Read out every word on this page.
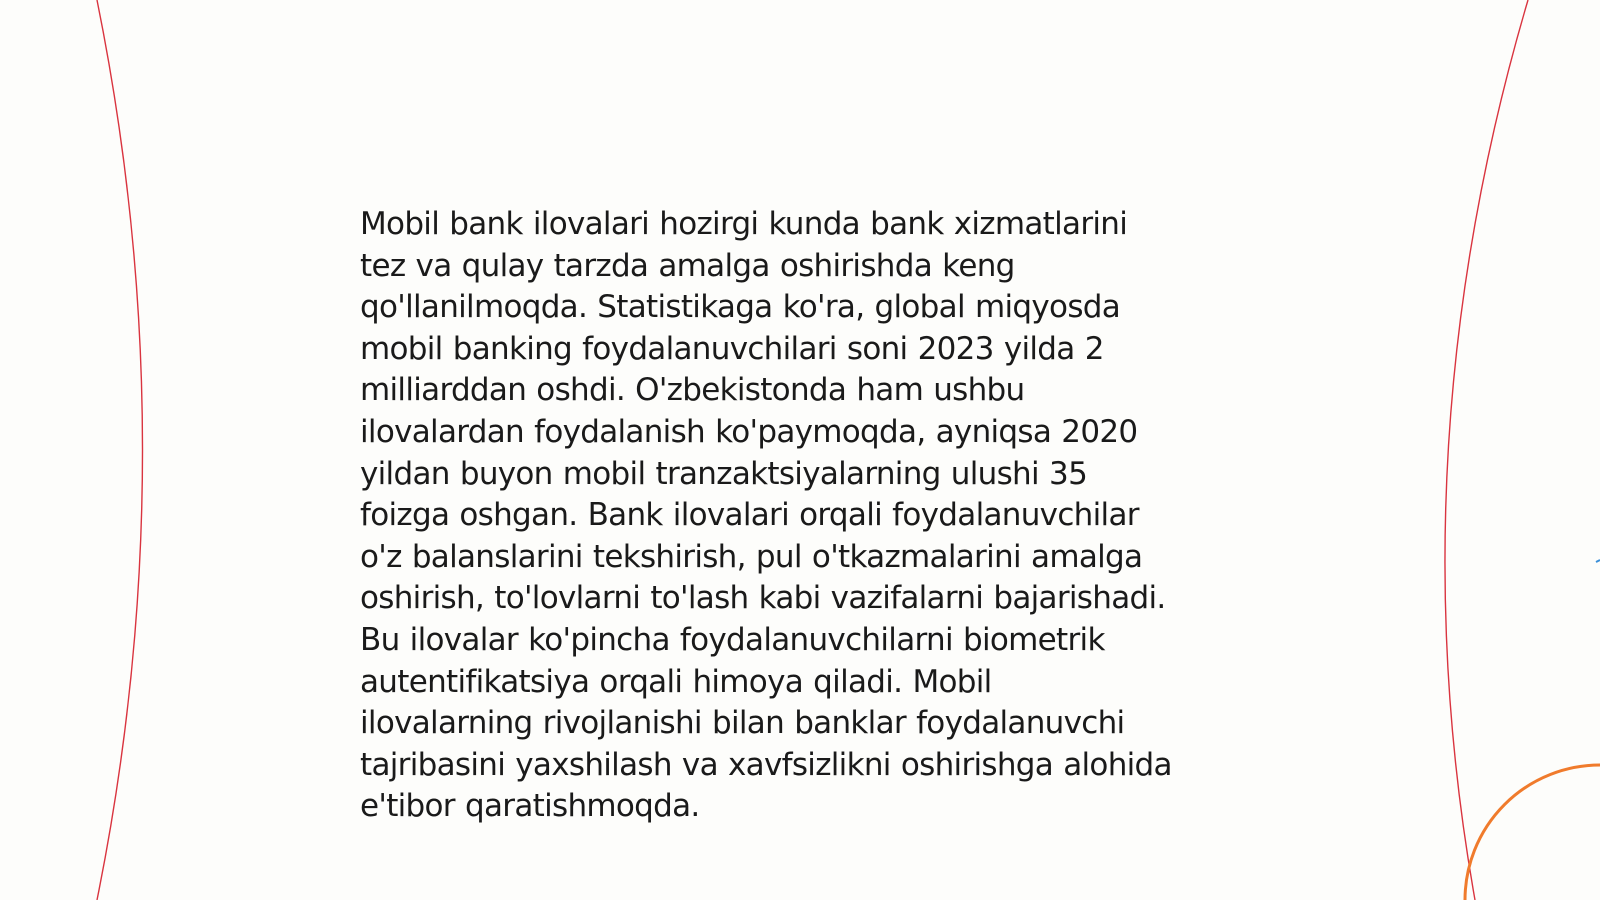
Mobil bank ilovalari hozirgi kunda bank xizmatlarini
tez va qulay tarzda amalga oshirishda keng
qo'llanilmoqda. Statistikaga ko'ra, global miqyosda
mobil banking foydalanuvchilari soni 2023 yilda 2
milliarddan oshdi. O'zbekistonda ham ushbu
ilovalardan foydalanish ko'paymoqda, ayniqsa 2020
yildan buyon mobil tranzaktsiyalarning ulushi 35
foizga oshgan. Bank ilovalari orqali foydalanuvchilar
o'z balanslarini tekshirish, pul o'tkazmalarini amalga
oshirish, to'lovlarni to'lash kabi vazifalarni bajarishadi.
Bu ilovalar ko'pincha foydalanuvchilarni biometrik
autentifikatsiya orqali himoya qiladi. Mobil
ilovalarning rivojlanishi bilan banklar foydalanuvchi
tajribasini yaxshilash va xavfsizlikni oshirishga alohida
e'tibor qaratishmoqda.
